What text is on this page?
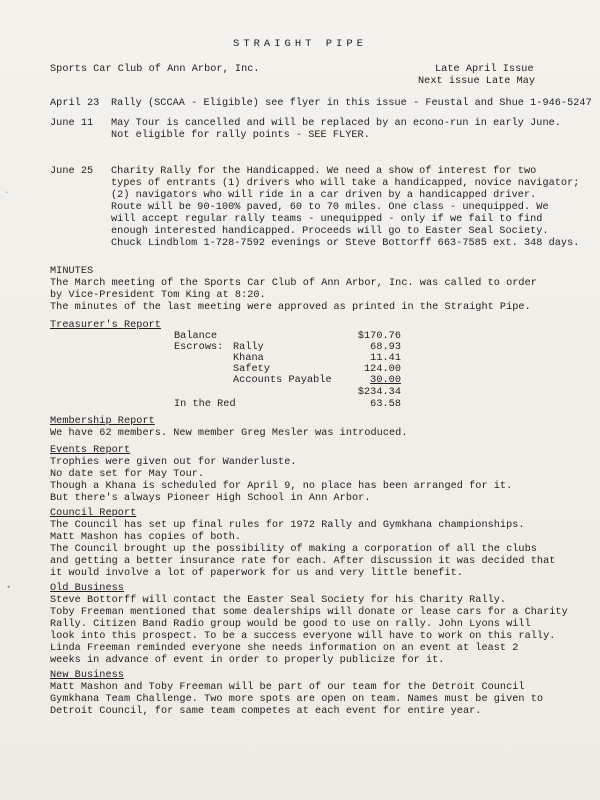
STRAIGHT PIPE
Sports Car Club of Ann Arbor, Inc.	Late April Issue
Next issue Late May
April 23 Rally (SCCAA - Eligible) see flyer in this issue - Feustal and Shue 1-946-5247
June 11 May Tour is cancelled and will be replaced by an econo-run in early June.
Not eligible for rally points - SEE FLYER.
June 25 Charity Rally for the Handicapped. We need a show of interest for two
types of entrants (1) drivers who will take a handicapped, novice navigator;
(2) navigators who will ride in a car driven by a handicapped driver.
Route will be 90-100% paved, 60 to 70 miles. One class - unequipped. We
will accept regular rally teams - unequipped - only if we fail to find
enough interested handicapped. Proceeds will go to Easter Seal Society.
Chuck Lindblom 1-728-7592 evenings or Steve Bottorff 663-7585 ext. 348 days.
MINUTES
The March meeting of the Sports Car Club of Ann Arbor, Inc. was called to order
by Vice-President Tom King at 8:20.
The minutes of the last meeting were approved as printed in the Straight Pipe.
Treasurer's Report
Balance	$170.76
Escrows: Rally	68.93
Khana	11.41
Safety	124.00
Accounts Payable	30.00
$234.34
In the Red	63.58
Membership Report
We have 62 members. New member Greg Mesler was introduced.
Events Report
Trophies were given out for Wanderluste.
No date set for May Tour.
Though a Khana is scheduled for April 9, no place has been arranged for it.
But there's always Pioneer High School in Ann Arbor.
Council Report
The Council has set up final rules for 1972 Rally and Gymkhana championships.
Matt Mashon has copies of both.
The Council brought up the possibility of making a corporation of all the clubs
and getting a better insurance rate for each. After discussion it was decided that
it would involve a lot of paperwork for us and very little benefit.
Old Business
Steve Bottorff will contact the Easter Seal Society for his Charity Rally.
Toby Freeman mentioned that some dealerships will donate or lease cars for a Charity
Rally. Citizen Band Radio group would be good to use on rally. John Lyons will
look into this prospect. To be a success everyone will have to work on this rally.
Linda Freeman reminded everyone she needs information on an event at least 2
weeks in advance of event in order to properly publicize for it.
New Business
Matt Mashon and Toby Freeman will be part of our team for the Detroit Council
Gymkhana Team Challenge. Two more spots are open on team. Names must be given to
Detroit Council, for same team competes at each event for entire year.
·
•
